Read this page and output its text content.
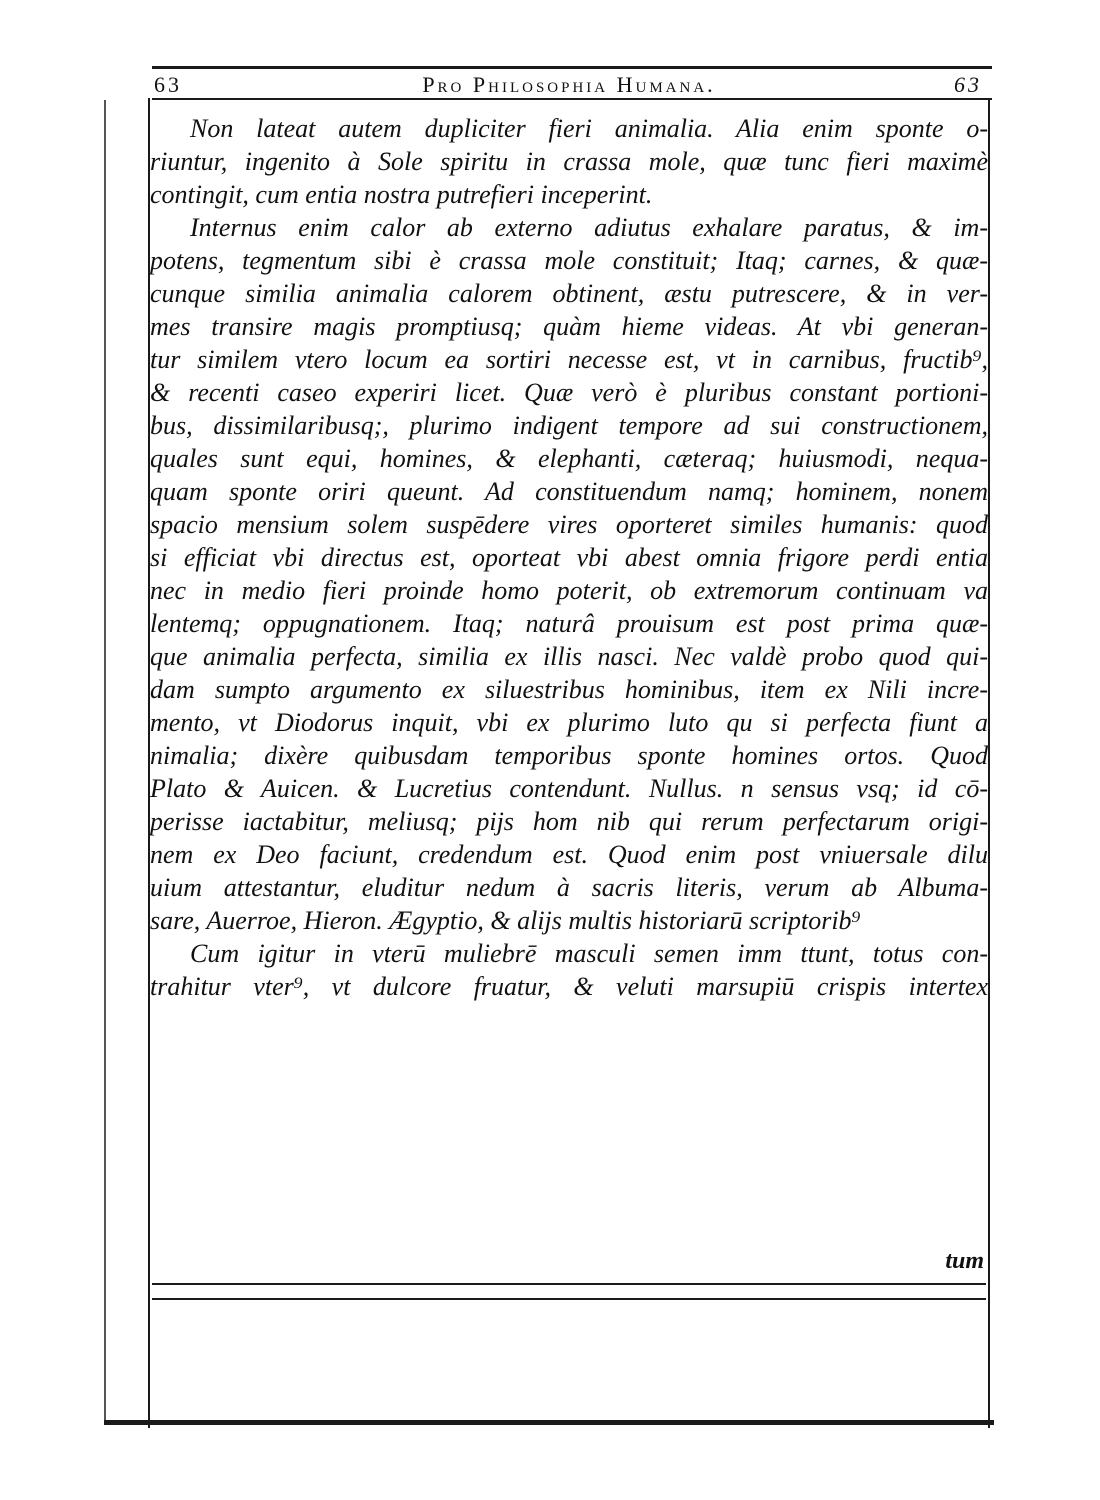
63	Pro Philosophia Humana.	63
Non lateat autem dupliciter fieri animalia. Alia enim sponte o-
riuntur, ingenito à Sole spiritu in crassa mole, quæ tunc fieri maximè
contingit, cum entia nostra putrefieri inceperint.
Internus enim calor ab externo adiutus exhalare paratus, & im-
potens, tegmentum sibi è crassa mole constituit; Itaq; carnes, & quæ-
cunque similia animalia calorem obtinent, æstu putrescere, & in ver-
mes transire magis promptiusq; quàm hieme videas. At vbi generan-
tur similem vtero locum ea sortiri necesse est, vt in carnibus, fructib⁹,
& recenti caseo experiri licet. Quæ verò è pluribus constant portioni-
bus, dissimilaribusq;, plurimo indigent tempore ad sui constructionem,
quales sunt equi, homines, & elephanti, cæteraq; huiusmodi, nequa-
quam sponte oriri queunt. Ad constituendum namq; hominem, nonem
spacio mensium solem suspēdere vires oporteret similes humanis: quod
si efficiat vbi directus est, oporteat vbi abest omnia frigore perdi entia
nec in medio fieri proinde homo poterit, ob extremorum continuam va
lentemq; oppugnationem. Itaq; naturâ prouisum est post prima quæ-
que animalia perfecta, similia ex illis nasci. Nec valdè probo quod qui-
dam sumpto argumento ex siluestribus hominibus, item ex Nili incre-
mento, vt Diodorus inquit, vbi ex plurimo luto qu si perfecta fiunt a
nimalia; dixère quibusdam temporibus sponte homines ortos. Quod
Plato & Auicen. & Lucretius contendunt. Nullus. n sensus vsq; id cō-
perisse iactabitur, meliusq; pijs hom nib qui rerum perfectarum origi-
nem ex Deo faciunt, credendum est. Quod enim post vniuersale dilu
uium attestantur, eluditur nedum à sacris literis, verum ab Albuma-
sare, Auerroe, Hieron. Ægyptio, & alijs multis historiarū scriptorib⁹
Cum igitur in vterū muliebrē masculi semen imm ttunt, totus con-
trahitur vter⁹, vt dulcore fruatur, & veluti marsupiū crispis intertex
tum
